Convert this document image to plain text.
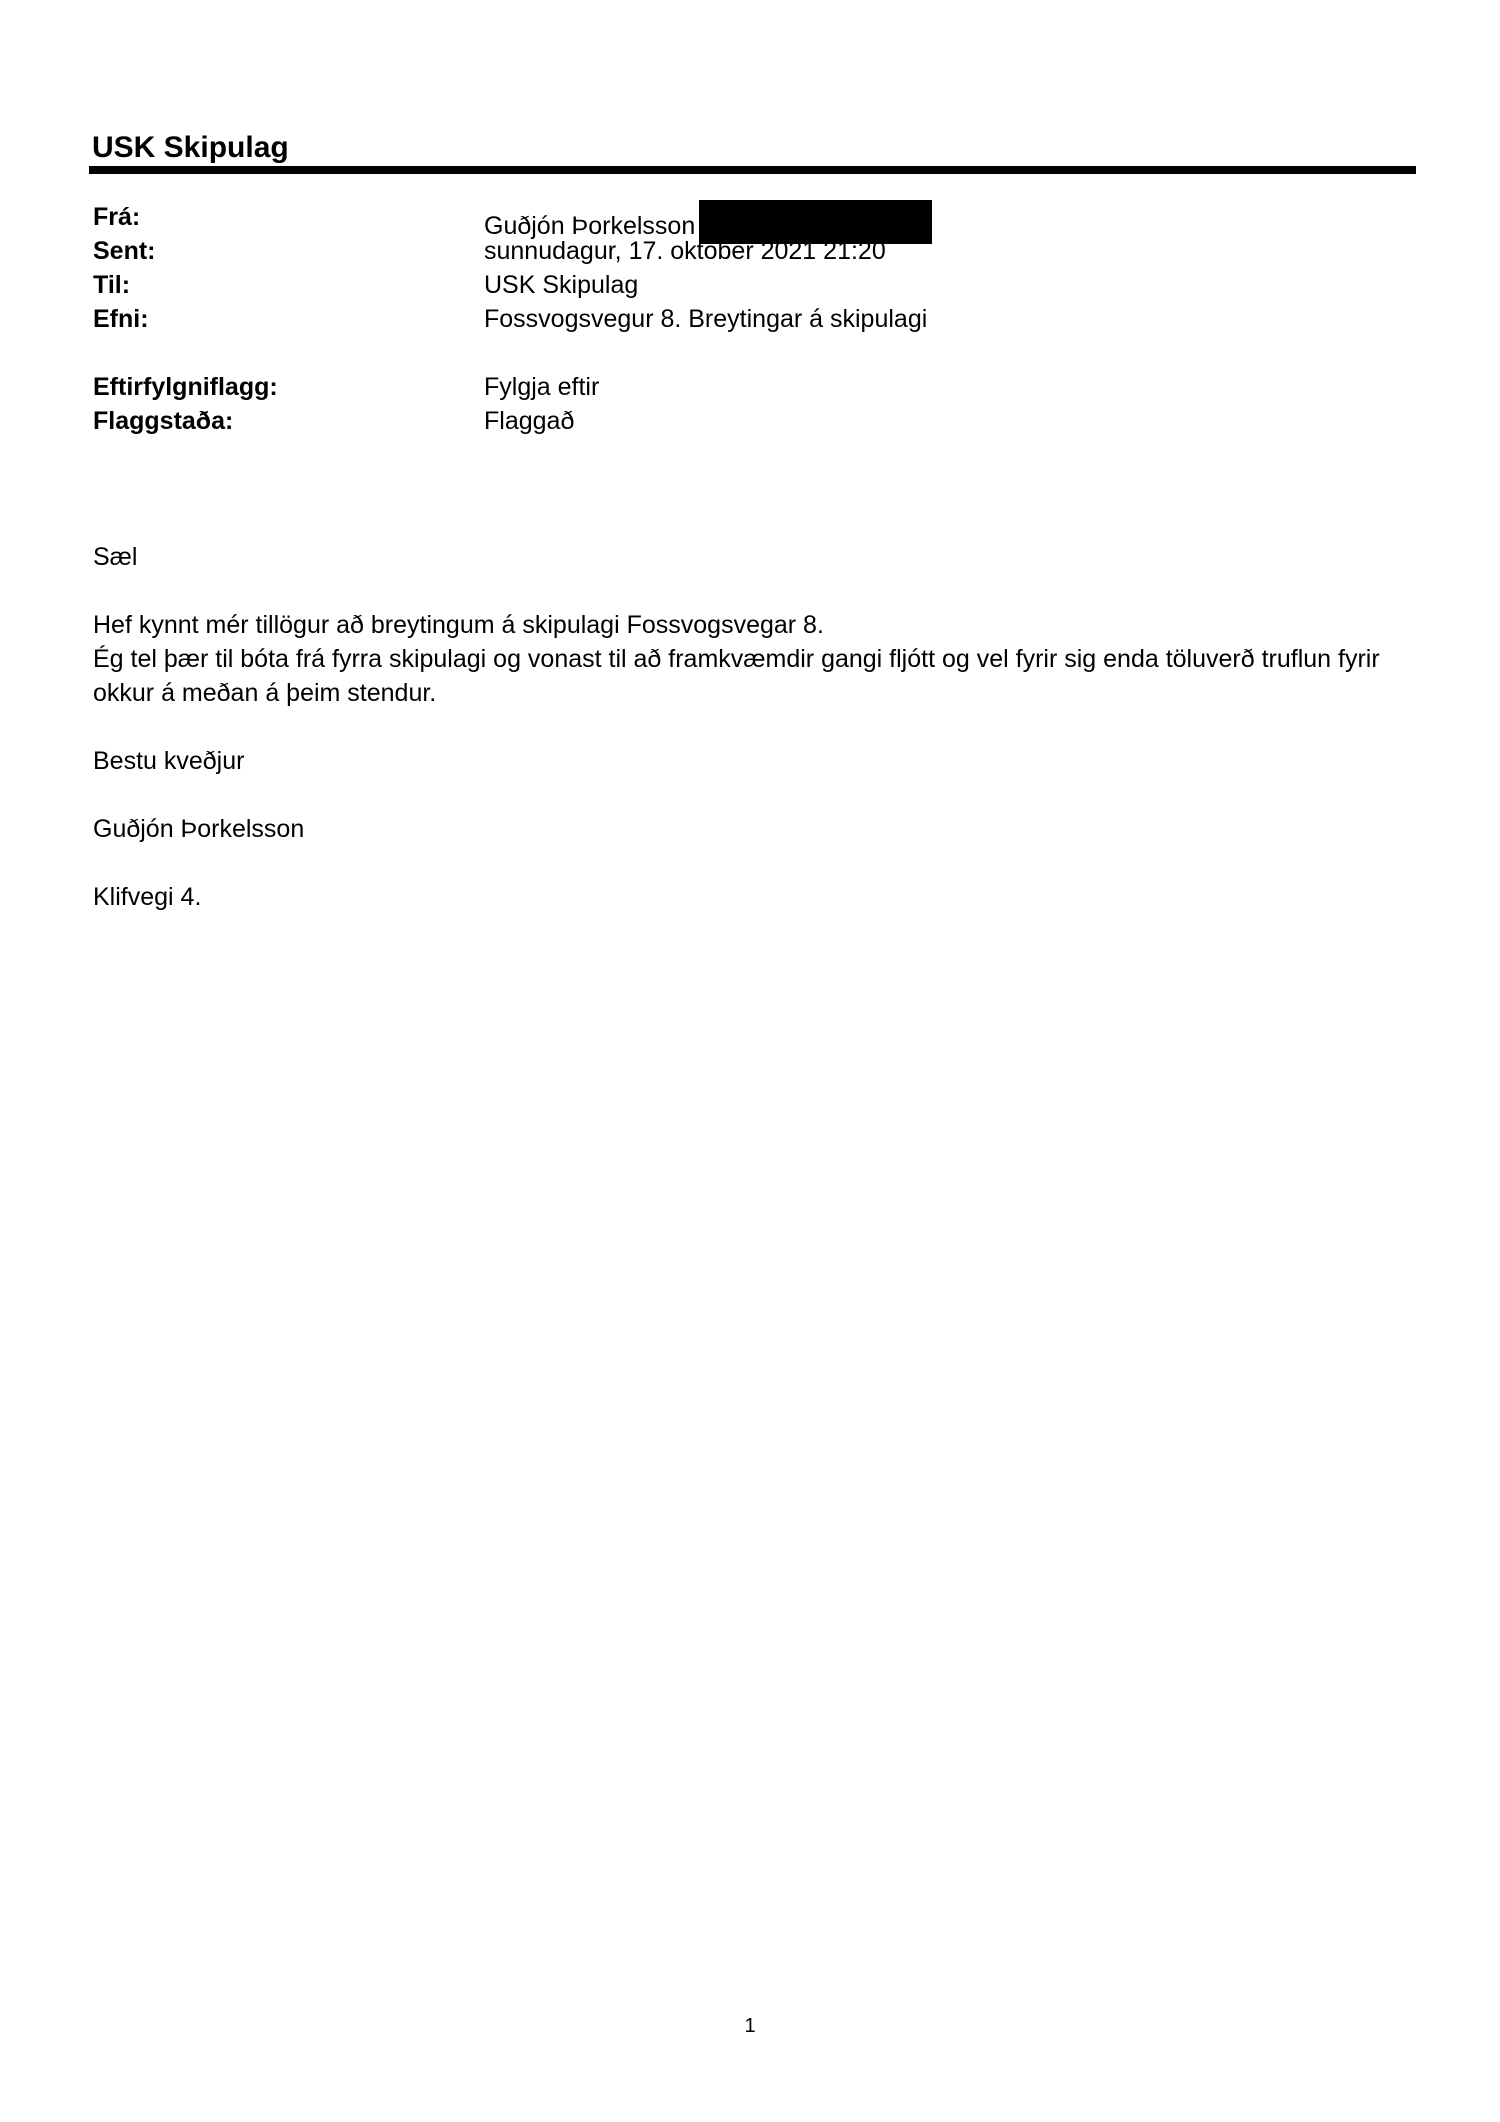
USK Skipulag
Frá:	Guðjón Þorkelsson
Sent:	sunnudagur, 17. október 2021 21:20
Til:	USK Skipulag
Efni:	Fossvogsvegur 8. Breytingar á skipulagi
Eftirfylgniflagg:	Fylgja eftir
Flaggstaða:	Flaggað

Sæl

Hef kynnt mér tillögur að breytingum á skipulagi Fossvogsvegar 8.

Ég tel þær til bóta frá fyrra skipulagi og vonast til að framkvæmdir gangi fljótt og vel fyrir sig enda töluverð truflun fyrir okkur á meðan á þeim stendur.

Bestu kveðjur

Guðjón Þorkelsson

Klifvegi 4.

1
